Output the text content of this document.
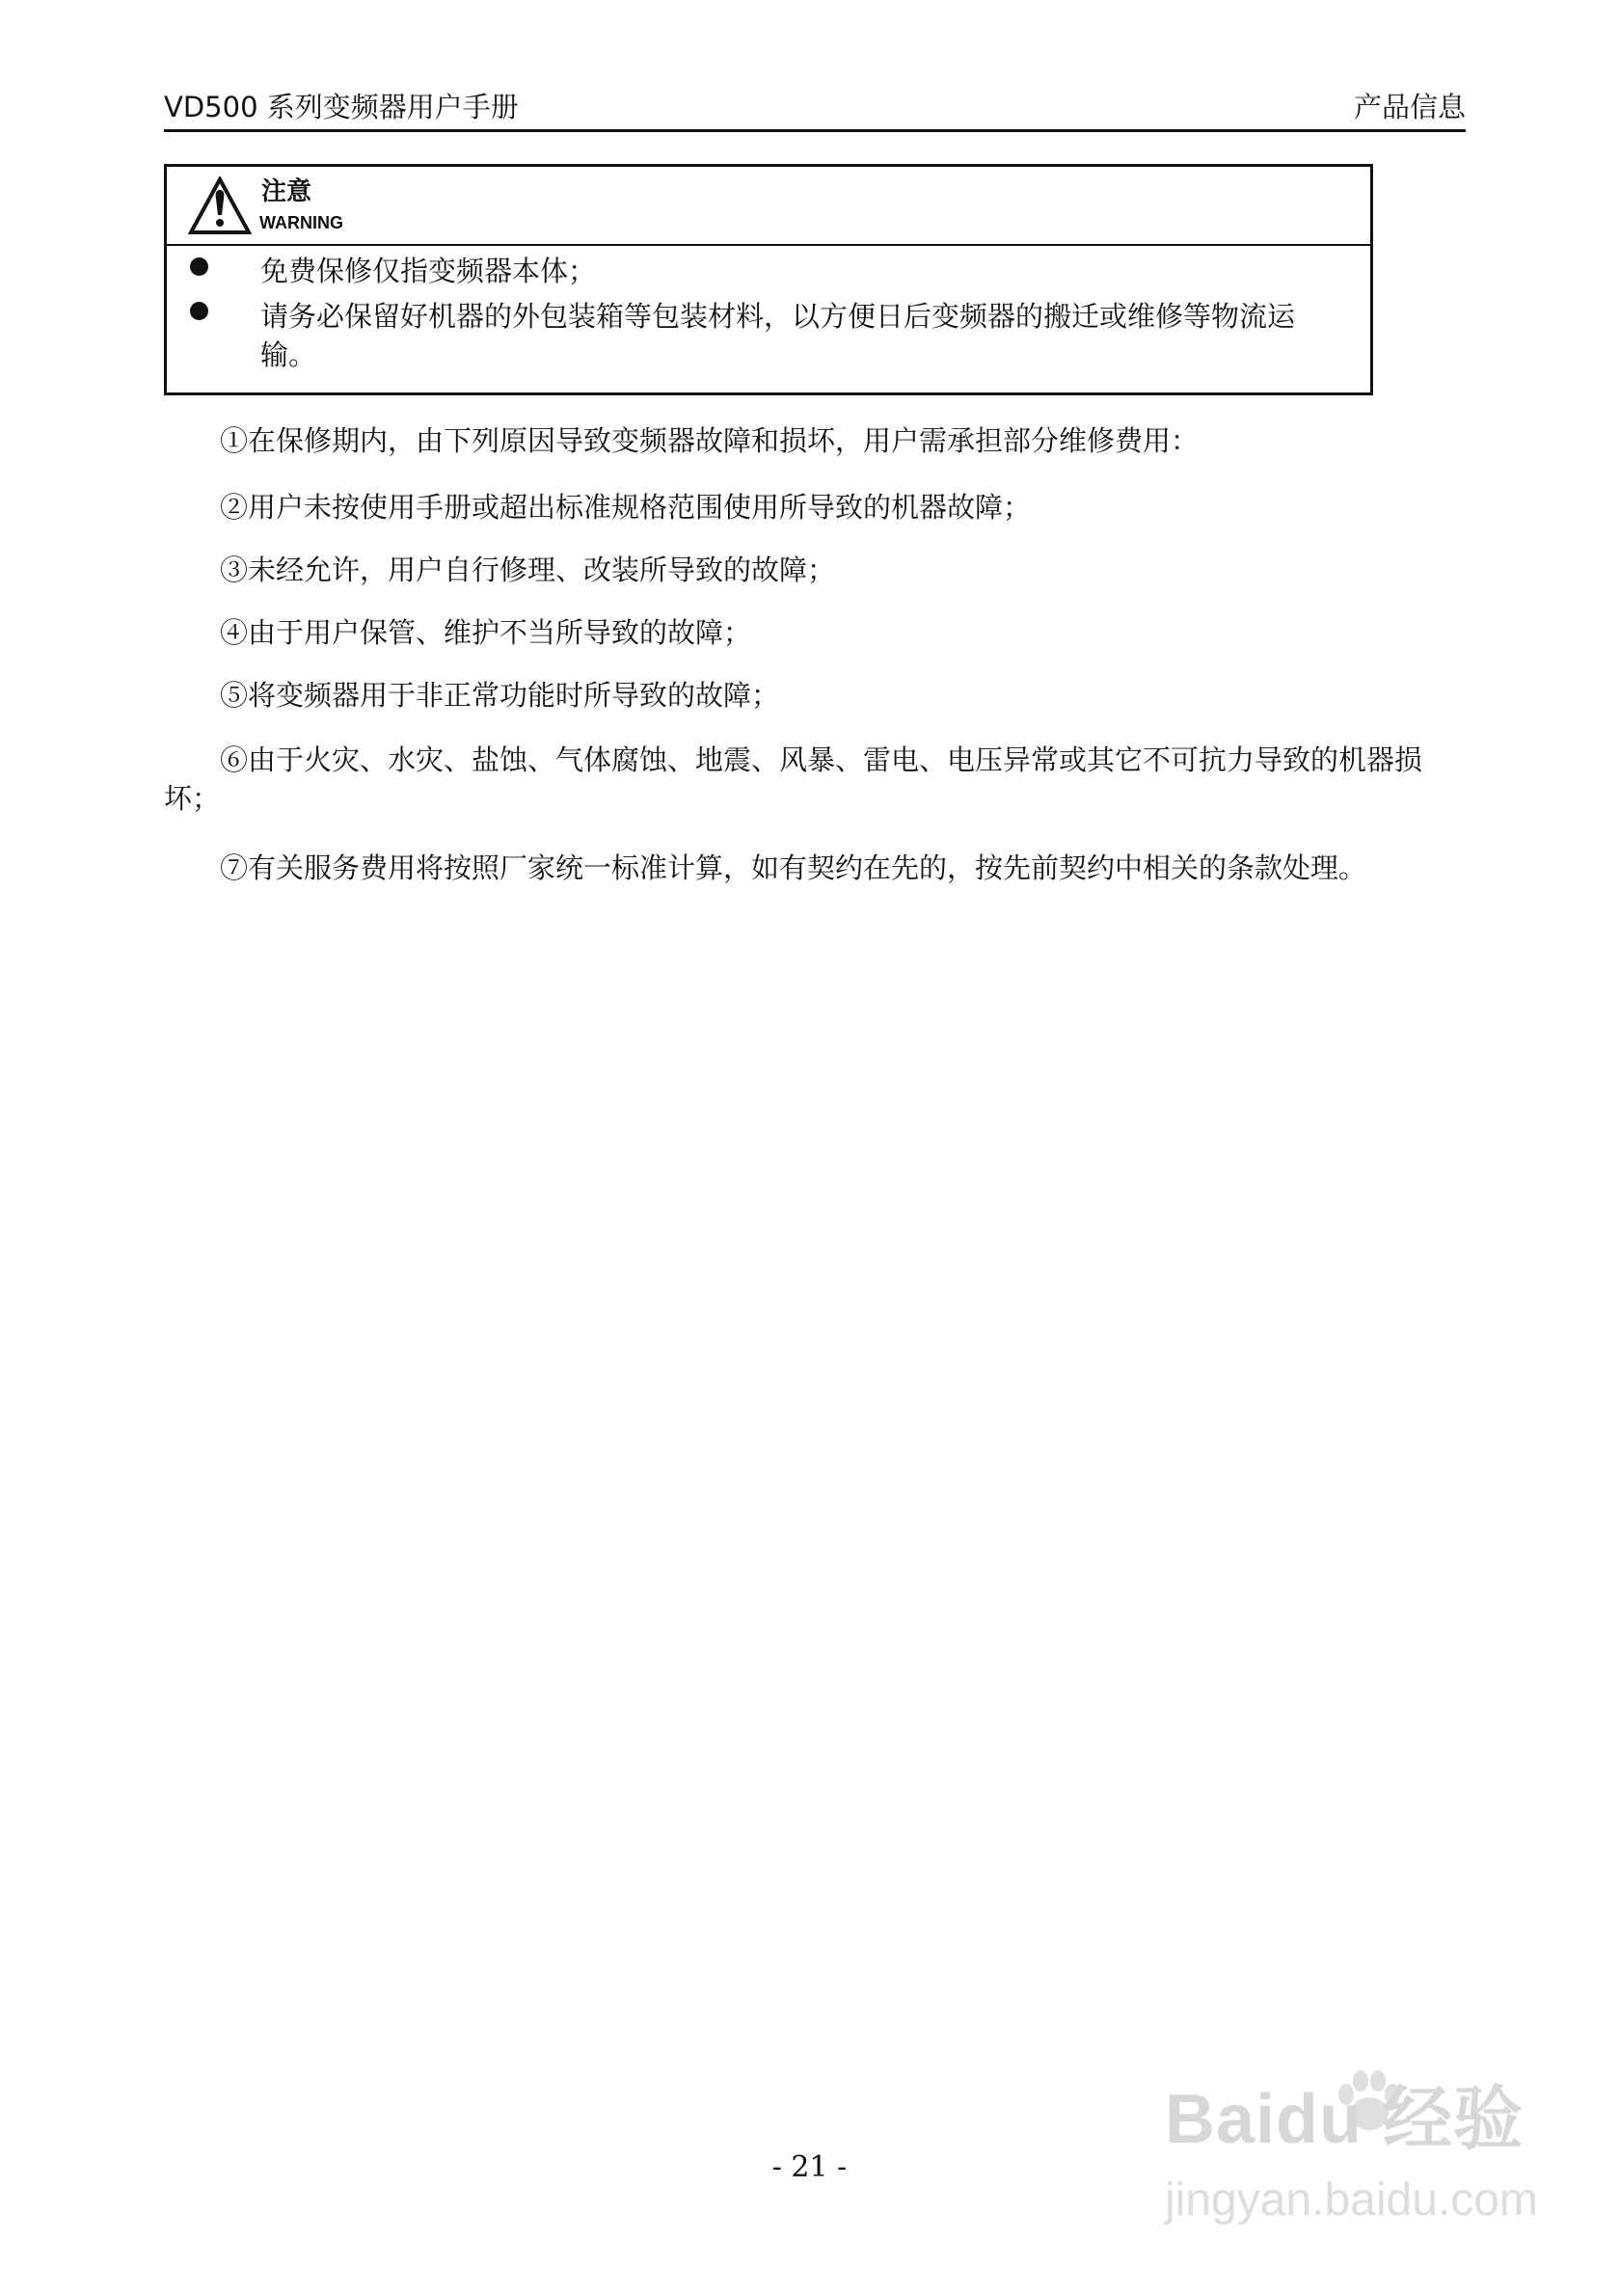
VD500 系列变频器用户手册	产品信息
注意
WARNING
免费保修仅指变频器本体；
请务必保留好机器的外包装箱等包装材料，以方便日后变频器的搬迁或维修等物流运输。
①在保修期内，由下列原因导致变频器故障和损坏，用户需承担部分维修费用：
②用户未按使用手册或超出标准规格范围使用所导致的机器故障；
③未经允许，用户自行修理、改装所导致的故障；
④由于用户保管、维护不当所导致的故障；
⑤将变频器用于非正常功能时所导致的故障；
⑥由于火灾、水灾、盐蚀、气体腐蚀、地震、风暴、雷电、电压异常或其它不可抗力导致的机器损坏；
⑦有关服务费用将按照厂家统一标准计算，如有契约在先的，按先前契约中相关的条款处理。
- 21 -
Baidu 经验
jingyan.baidu.com
